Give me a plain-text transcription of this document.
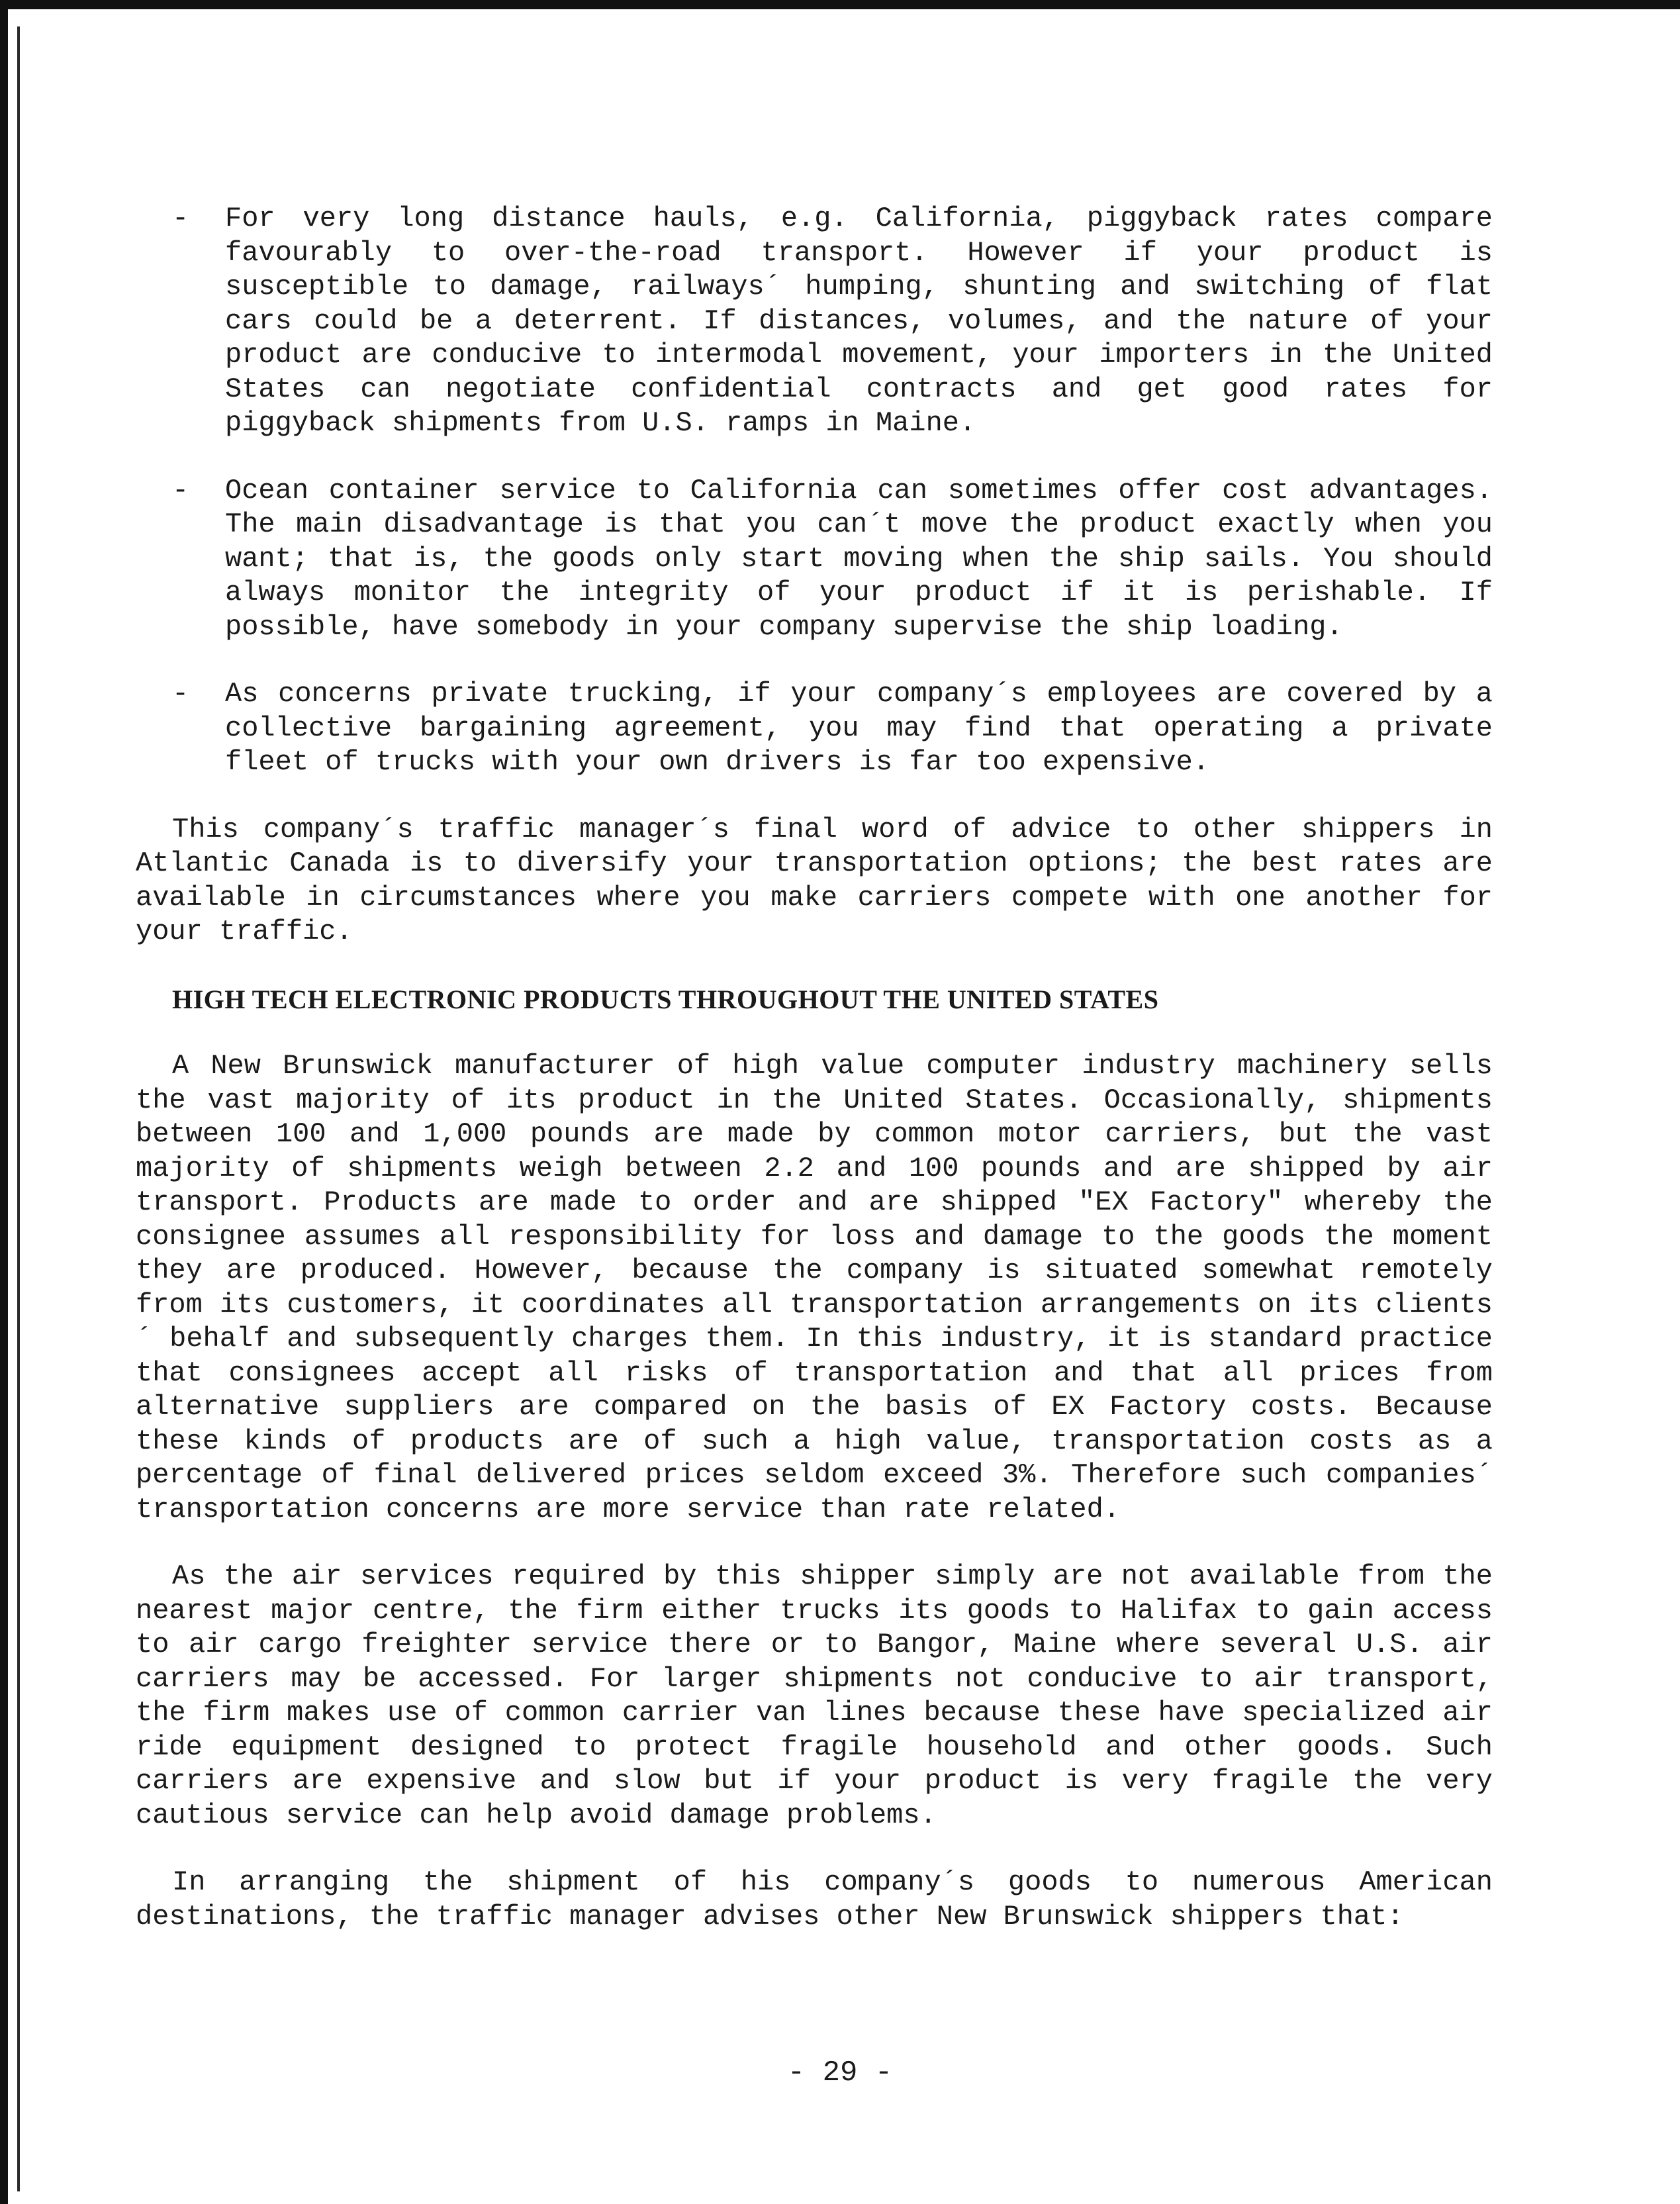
- For very long distance hauls, e.g. California, piggyback rates compare favourably to over-the-road transport. However if your product is susceptible to damage, railways´ humping, shunting and switching of flat cars could be a deterrent. If distances, volumes, and the nature of your product are conducive to intermodal movement, your importers in the United States can negotiate confidential contracts and get good rates for piggyback shipments from U.S. ramps in Maine.

- Ocean container service to California can sometimes offer cost advantages. The main disadvantage is that you can´t move the product exactly when you want; that is, the goods only start moving when the ship sails. You should always monitor the integrity of your product if it is perishable. If possible, have somebody in your company supervise the ship loading.

- As concerns private trucking, if your company´s employees are covered by a collective bargaining agreement, you may find that operating a private fleet of trucks with your own drivers is far too expensive.

This company´s traffic manager´s final word of advice to other shippers in Atlantic Canada is to diversify your transportation options; the best rates are available in circumstances where you make carriers compete with one another for your traffic.

HIGH TECH ELECTRONIC PRODUCTS THROUGHOUT THE UNITED STATES

A New Brunswick manufacturer of high value computer industry machinery sells the vast majority of its product in the United States. Occasionally, shipments between 100 and 1,000 pounds are made by common motor carriers, but the vast majority of shipments weigh between 2.2 and 100 pounds and are shipped by air transport. Products are made to order and are shipped "EX Factory" whereby the consignee assumes all responsibility for loss and damage to the goods the moment they are produced. However, because the company is situated somewhat remotely from its customers, it coordinates all transportation arrangements on its clients´ behalf and subsequently charges them. In this industry, it is standard practice that consignees accept all risks of transportation and that all prices from alternative suppliers are compared on the basis of EX Factory costs. Because these kinds of products are of such a high value, transportation costs as a percentage of final delivered prices seldom exceed 3%. Therefore such companies´ transportation concerns are more service than rate related.

As the air services required by this shipper simply are not available from the nearest major centre, the firm either trucks its goods to Halifax to gain access to air cargo freighter service there or to Bangor, Maine where several U.S. air carriers may be accessed. For larger shipments not conducive to air transport, the firm makes use of common carrier van lines because these have specialized air ride equipment designed to protect fragile household and other goods. Such carriers are expensive and slow but if your product is very fragile the very cautious service can help avoid damage problems.

In arranging the shipment of his company´s goods to numerous American destinations, the traffic manager advises other New Brunswick shippers that:

- 29 -
